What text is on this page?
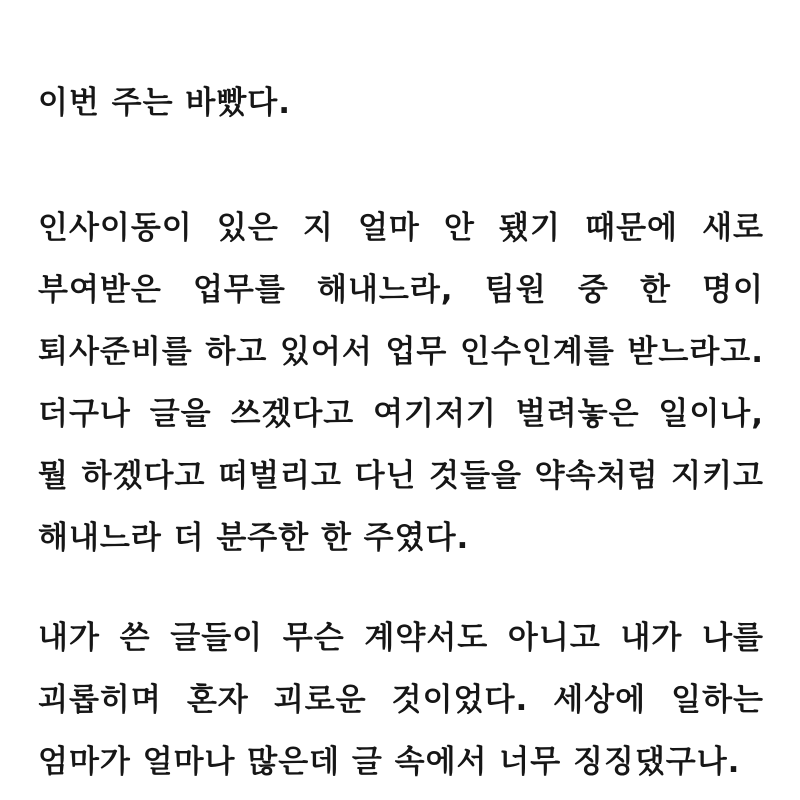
이번 주는 바빴다.

인사이동이 있은 지 얼마 안 됐기 때문에 새로 부여받은 업무를 해내느라, 팀원 중 한 명이 퇴사준비를 하고 있어서 업무 인수인계를 받느라고. 더구나 글을 쓰겠다고 여기저기 벌려놓은 일이나, 뭘 하겠다고 떠벌리고 다닌 것들을 약속처럼 지키고 해내느라 더 분주한 한 주였다.

내가 쓴 글들이 무슨 계약서도 아니고 내가 나를 괴롭히며 혼자 괴로운 것이었다. 세상에 일하는 엄마가 얼마나 많은데 글 속에서 너무 징징댔구나.
